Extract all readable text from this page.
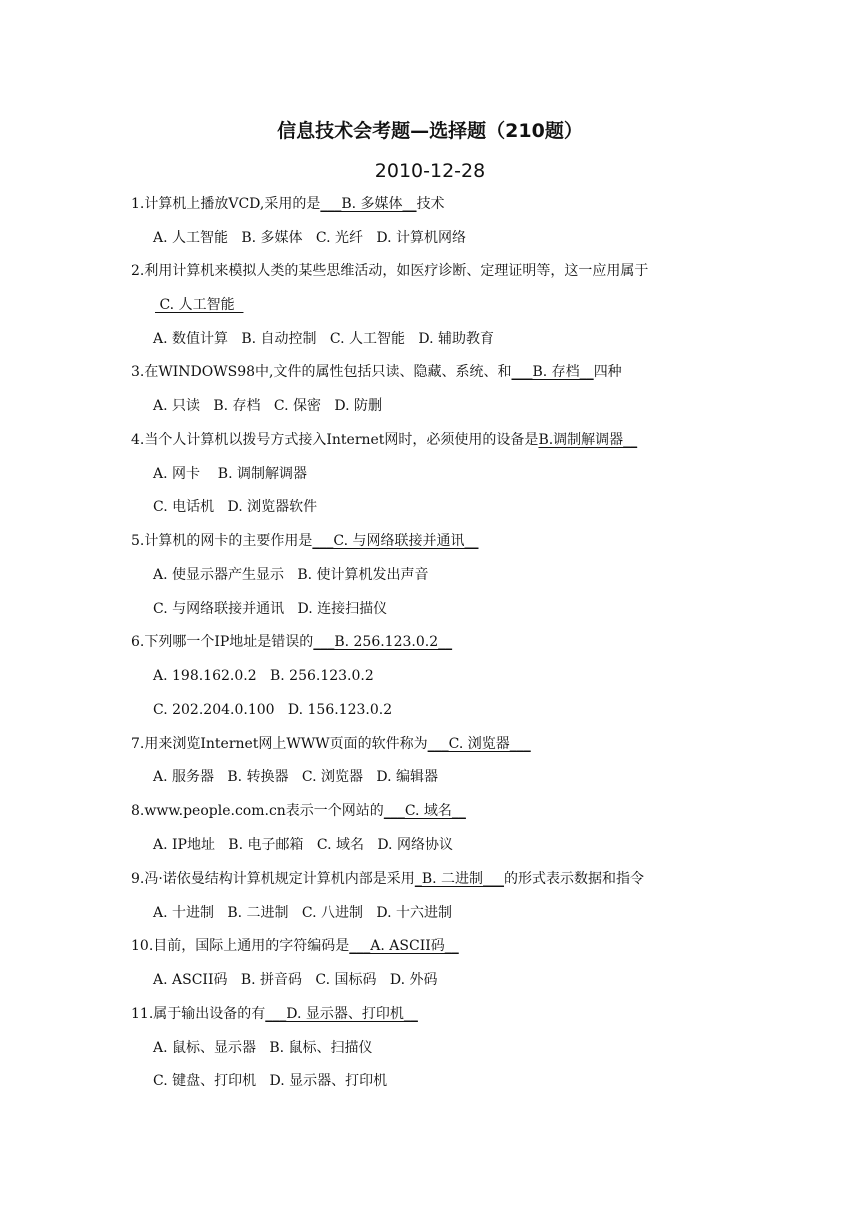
信息技术会考题—选择题（210题）
2010-12-28
1.计算机上播放VCD,采用的是___B. 多媒体__技术
A. 人工智能   B. 多媒体   C. 光纤   D. 计算机网络
2.利用计算机来模拟人类的某些思维活动，如医疗诊断、定理证明等，这一应用属于
C. 人工智能
A. 数值计算   B. 自动控制   C. 人工智能   D. 辅助教育
3.在WINDOWS98中,文件的属性包括只读、隐藏、系统、和___B. 存档__四种
A. 只读   B. 存档   C. 保密   D. 防删
4.当个人计算机以拨号方式接入Internet网时，必须使用的设备是B.调制解调器__
A. 网卡    B. 调制解调器
C. 电话机   D. 浏览器软件
5.计算机的网卡的主要作用是___C. 与网络联接并通讯__
A. 使显示器产生显示   B. 使计算机发出声音
C. 与网络联接并通讯   D. 连接扫描仪
6.下列哪一个IP地址是错误的___B. 256.123.0.2__
A. 198.162.0.2   B. 256.123.0.2
C. 202.204.0.100   D. 156.123.0.2
7.用来浏览Internet网上WWW页面的软件称为___C. 浏览器___
A. 服务器   B. 转换器   C. 浏览器   D. 编辑器
8.www.people.com.cn表示一个网站的___C. 域名__
A. IP地址   B. 电子邮箱   C. 域名   D. 网络协议
9.冯·诺依曼结构计算机规定计算机内部是采用_B. 二进制___的形式表示数据和指令
A. 十进制   B. 二进制   C. 八进制   D. 十六进制
10.目前，国际上通用的字符编码是___A. ASCII码__
A. ASCII码   B. 拼音码   C. 国标码   D. 外码
11.属于输出设备的有___D. 显示器、打印机__
A. 鼠标、显示器   B. 鼠标、扫描仪
C. 键盘、打印机   D. 显示器、打印机
